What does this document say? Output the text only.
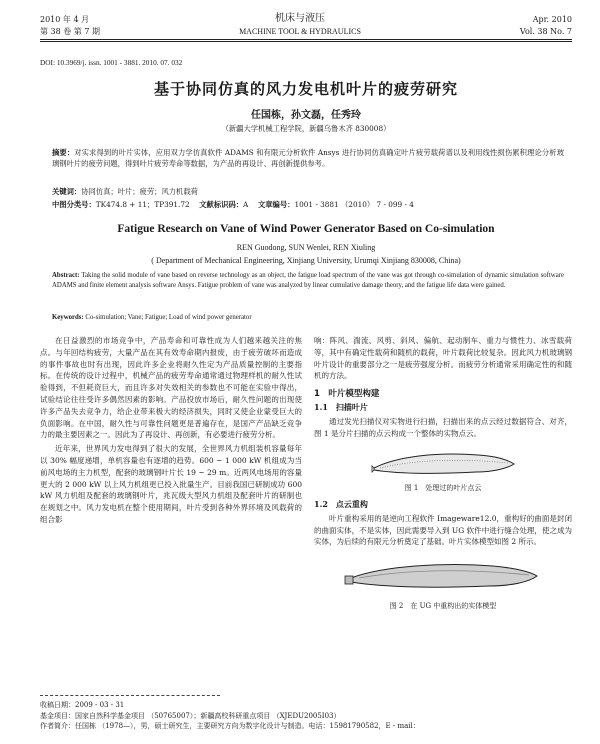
2010 年 4 月
第 38 卷 第 7 期
机床与液压
MACHINE TOOL & HYDRAULICS
Apr. 2010
Vol. 38 No. 7
DOI: 10.3969/j. issn. 1001 - 3881. 2010. 07. 032
基于协同仿真的风力发电机叶片的疲劳研究
任国栋，孙文磊，任秀玲
（新疆大学机械工程学院，新疆乌鲁木齐 830008）
摘要：对实求得到的叶片实体，应用双力学仿真软件 ADAMS 和有限元分析软件 Ansys 进行协同仿真确定叶片疲劳载荷谱以及利用线性损伤累积理论分析玻璃钢叶片的疲劳问题，得到叶片疲劳寿命等数据，为产品的再设计、再创新提供参考。
关键词：协同仿真；叶片；疲劳；风力机载荷
中图分类号：TK474.8 + 11；TP391.72   文献标识码：A   文章编号：1001 - 3881 （2010） 7 - 099 - 4
Fatigue Research on Vane of Wind Power Generator Based on Co-simulation
REN Guodong, SUN Wenlei, REN Xiuling
( Department of Mechanical Engineering, Xinjiang University, Urumqi Xinjiang 830008, China)
Abstract: Taking the solid module of vane based on reverse technology as an object, the fatigue load spectrum of the vane was got through co-simulation of dynamic simulation software ADAMS and finite element analysis software Ansys. Fatigue problem of vane was analyzed by linear cumulative damage theory, and the fatigue life data were gained.
Keywords: Co-simulation; Vane; Fatigue; Load of wind power generator

在日益激烈的市场竞争中，产品寿命和可靠性成为人们越来越关注的焦点。与年回结构疲劳，大量产品在其有效寿命期内报废，由于疲劳破坏而造成的事件事故也时有出现，因此许多企业将耐久性定为产品质量控制的主要指标。在传统的设计过程中，机械产品的疲劳寿命通常通过物理样机的耐久性试验得到，不但耗资巨大，而且许多对失效相关的参数也不可能在实验中得出，试验结论往往受许多偶然因素的影响。产品投放市场后，耐久性问题的出现使许多产品失去竞争力，给企业带来极大的经济损失，同时又使企业蒙受巨大的负面影响。在中国，耐久性与可靠性问题更是普遍存在，是国产产品缺乏竞争力的最主要因素之一。因此为了再设计、再创新，有必要进行疲劳分析。

近年来，世界风力发电得到了很大的发展，全世界风力机组装机容量每年以 30% 幅度递增，单机容量也有逐增的趋势。600 ~ 1 000 kW 机组成为当前风电场的主力机型，配套的玻璃钢叶片长 19 ~ 29 m。近两风电场用的容量更大的 2 000 kW 以上风力机组更已投入批量生产。目前我国已研制成功 600 kW 风力机组及配套的玻璃钢叶片，兆瓦级大型风力机组及配套叶片的研制也在规划之中。风力发电机在整个使用期间，叶片受到各种外界环境及风载荷的组合影

响：阵风、湍流、风剪、斜风、偏航、起动制车、重力与惯性力、冰雪载荷等，其中有确定性载荷和随机的载荷，叶片载荷比较复杂。因此风力机玻璃钢叶片设计的重要部分之一是疲劳强度分析。而疲劳分析通常采用确定性的和随机的方法。

1　叶片模型构建
1.1　扫描叶片

通过发光扫描仪对实物进行扫描，扫描出来的点云经过数据符合、对齐，图 1 是分片扫描的点云构成一个整体的实物点云。

图 1　处理过的叶片点云
1.2　点云重构

叶片重构采用的是逆向工程软件 Imageware12.0，重构好的曲面是封闭的曲面实体，不是实体，因此需要导入到 UG 软件中进行缝合处理，使之成为实体，为后续的有限元分析奠定了基础。叶片实体模型如图 2 所示。

图 2　在 UG 中重构出的实体模型
收稿日期：2009 - 03 - 31
基金项目：国家自然科学基金项目 （50765007）；新疆高校科研重点项目 （XJEDU2005I03）
作者简介：任国栋 （1978—），男，硕士研究生，主要研究方向为数字化设计与制造。电话：15981790582，E - mail：
